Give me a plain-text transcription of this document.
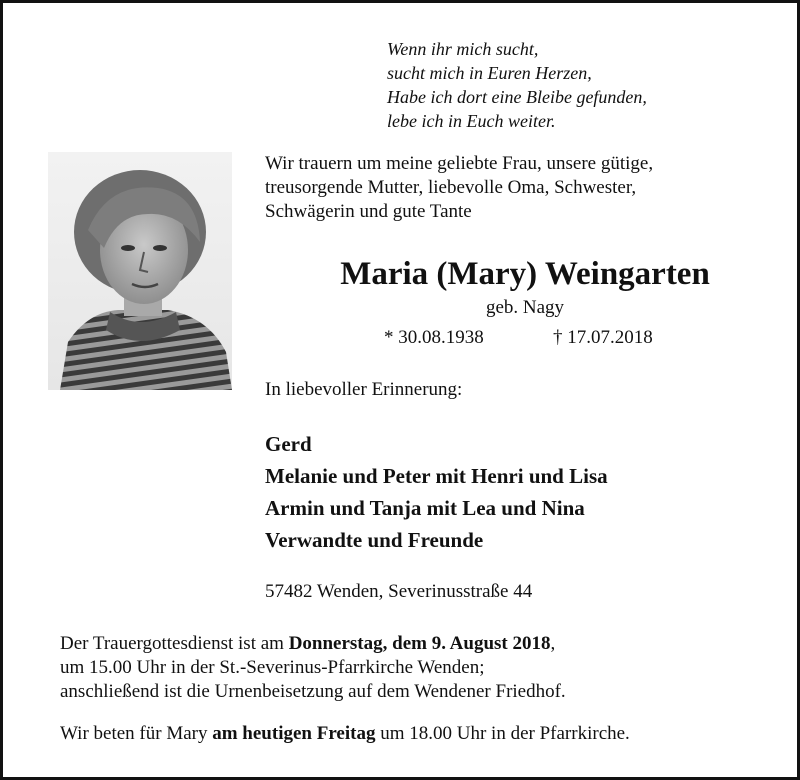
Wenn ihr mich sucht,
sucht mich in Euren Herzen,
Habe ich dort eine Bleibe gefunden,
lebe ich in Euch weiter.
Wir trauern um meine geliebte Frau, unsere gütige,
treusorgende Mutter, liebevolle Oma, Schwester,
Schwägerin und gute Tante
Maria (Mary) Weingarten
geb. Nagy
* 30.08.1938	† 17.07.2018
In liebevoller Erinnerung:
Gerd
Melanie und Peter mit Henri und Lisa
Armin und Tanja mit Lea und Nina
Verwandte und Freunde
57482 Wenden, Severinusstraße 44
Der Trauergottesdienst ist am Donnerstag, dem 9. August 2018,
um 15.00 Uhr in der St.-Severinus-Pfarrkirche Wenden;
anschließend ist die Urnenbeisetzung auf dem Wendener Friedhof.
Wir beten für Mary am heutigen Freitag um 18.00 Uhr in der Pfarrkirche.
